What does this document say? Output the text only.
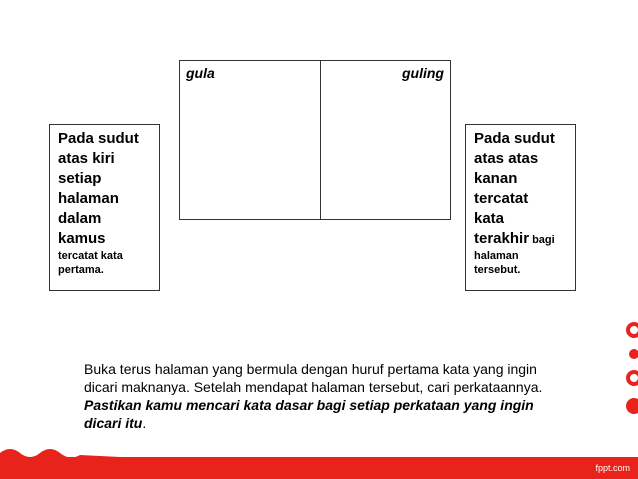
gula	guling
Pada sudut
atas kiri
setiap
halaman
dalam
kamus
tercatat kata pertama.
Pada sudut
atas atas
kanan
tercatat
kata
terakhir bagi
halaman tersebut.
Buka terus halaman yang bermula dengan huruf pertama kata yang ingin dicari maknanya. Setelah mendapat halaman tersebut, cari perkataannya. Pastikan kamu mencari kata dasar bagi setiap perkataan yang ingin dicari itu.
fppt.com
